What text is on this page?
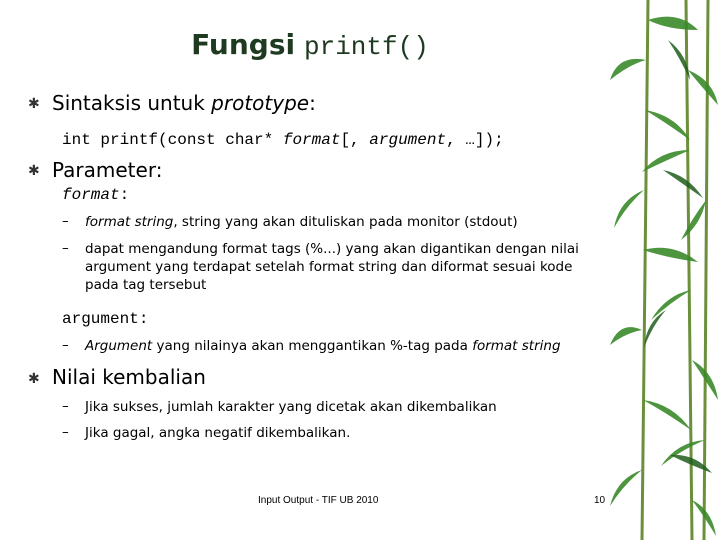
Fungsi printf()
✱ Sintaksis untuk prototype:
int printf(const char* format[, argument, …]);
✱ Parameter:
format:
– format string, string yang akan dituliskan pada monitor (stdout)
– dapat mengandung format tags (%...) yang akan digantikan dengan nilai
argument yang terdapat setelah format string dan diformat sesuai kode
pada tag tersebut
argument:
– Argument yang nilainya akan menggantikan %-tag pada format string
✱ Nilai kembalian
– Jika sukses, jumlah karakter yang dicetak akan dikembalikan
– Jika gagal, angka negatif dikembalikan.
Input Output - TIF UB 2010	10
